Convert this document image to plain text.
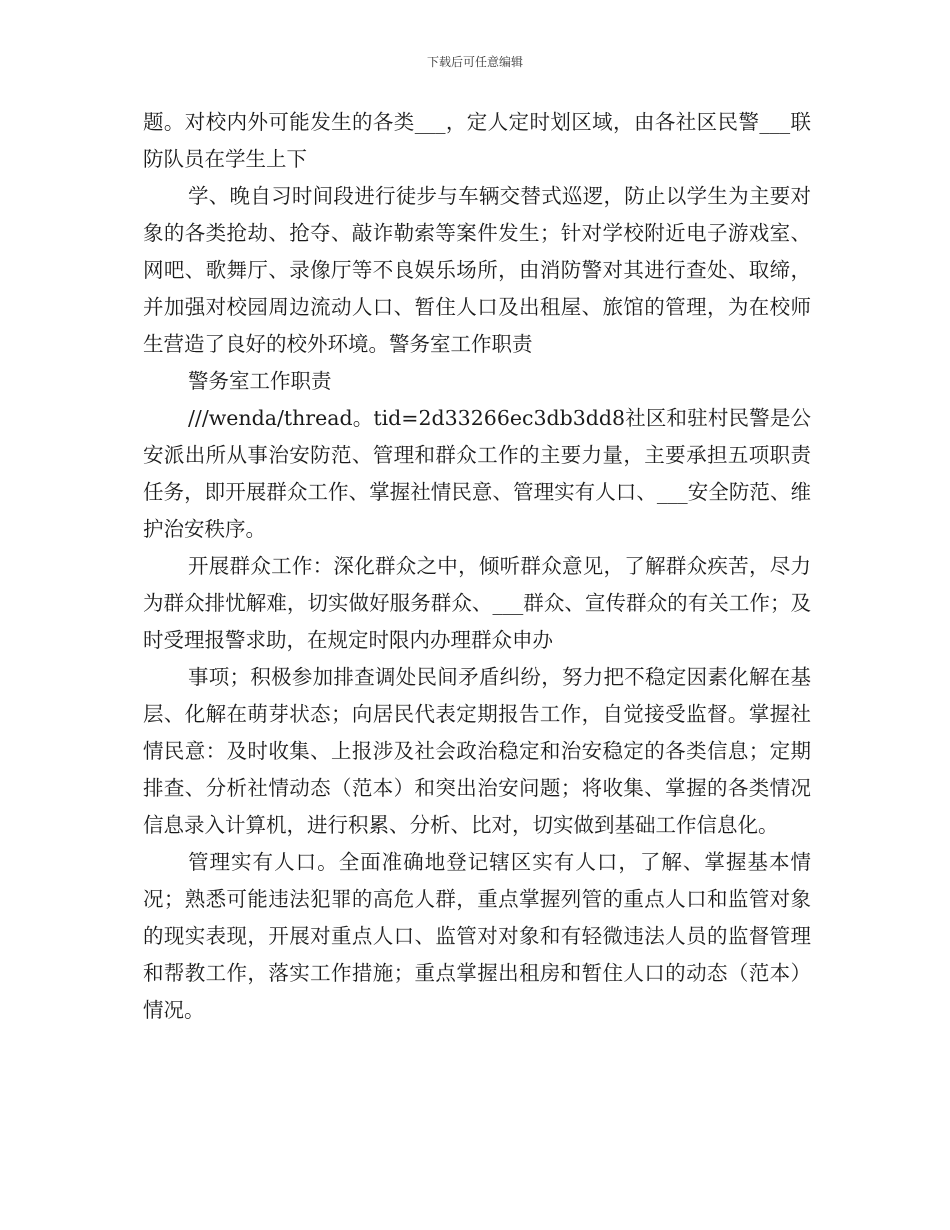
下载后可任意编辑

题。对校内外可能发生的各类___，定人定时划区域，由各社区民警___联防队员在学生上下

学、晚自习时间段进行徒步与车辆交替式巡逻，防止以学生为主要对象的各类抢劫、抢夺、敲诈勒索等案件发生；针对学校附近电子游戏室、网吧、歌舞厅、录像厅等不良娱乐场所，由消防警对其进行查处、取缔，并加强对校园周边流动人口、暂住人口及出租屋、旅馆的管理，为在校师生营造了良好的校外环境。警务室工作职责

警务室工作职责

///wenda/thread。tid=2d33266ec3db3dd8社区和驻村民警是公安派出所从事治安防范、管理和群众工作的主要力量，主要承担五项职责任务，即开展群众工作、掌握社情民意、管理实有人口、___安全防范、维护治安秩序。

开展群众工作：深化群众之中，倾听群众意见，了解群众疾苦，尽力为群众排忧解难，切实做好服务群众、___群众、宣传群众的有关工作；及时受理报警求助，在规定时限内办理群众申办

事项；积极参加排查调处民间矛盾纠纷，努力把不稳定因素化解在基层、化解在萌芽状态；向居民代表定期报告工作，自觉接受监督。掌握社情民意：及时收集、上报涉及社会政治稳定和治安稳定的各类信息；定期排查、分析社情动态（范本）和突出治安问题；将收集、掌握的各类情况信息录入计算机，进行积累、分析、比对，切实做到基础工作信息化。

管理实有人口。全面准确地登记辖区实有人口，了解、掌握基本情况；熟悉可能违法犯罪的高危人群，重点掌握列管的重点人口和监管对象的现实表现，开展对重点人口、监管对对象和有轻微违法人员的监督管理和帮教工作，落实工作措施；重点掌握出租房和暂住人口的动态（范本）情况。
